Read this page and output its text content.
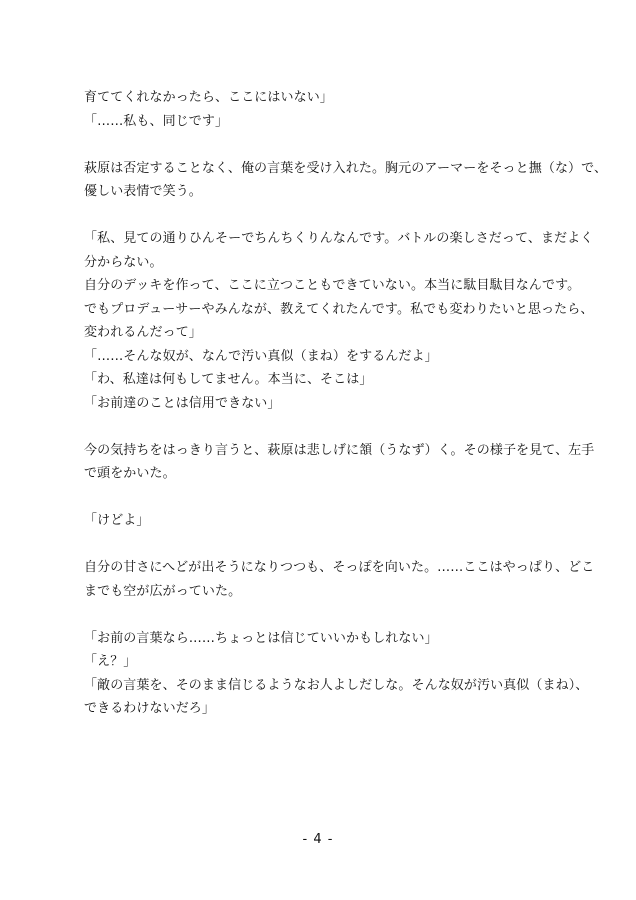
育ててくれなかったら、ここにはいない」
「……私も、同じです」
萩原は否定することなく、俺の言葉を受け入れた。胸元のアーマーをそっと撫（な）で、
優しい表情で笑う。
「私、見ての通りひんそーでちんちくりんなんです。バトルの楽しさだって、まだよく
分からない。
自分のデッキを作って、ここに立つこともできていない。本当に駄目駄目なんです。
でもプロデューサーやみんなが、教えてくれたんです。私でも変わりたいと思ったら、
変われるんだって」
「……そんな奴が、なんで汚い真似（まね）をするんだよ」
「わ、私達は何もしてません。本当に、そこは」
「お前達のことは信用できない」
今の気持ちをはっきり言うと、萩原は悲しげに頷（うなず）く。その様子を見て、左手
で頭をかいた。
「けどよ」
自分の甘さにへどが出そうになりつつも、そっぽを向いた。……ここはやっぱり、どこ
までも空が広がっていた。
「お前の言葉なら……ちょっとは信じていいかもしれない」
「え？」
「敵の言葉を、そのまま信じるようなお人よしだしな。そんな奴が汚い真似（まね）、
できるわけないだろ」
- 4 -
